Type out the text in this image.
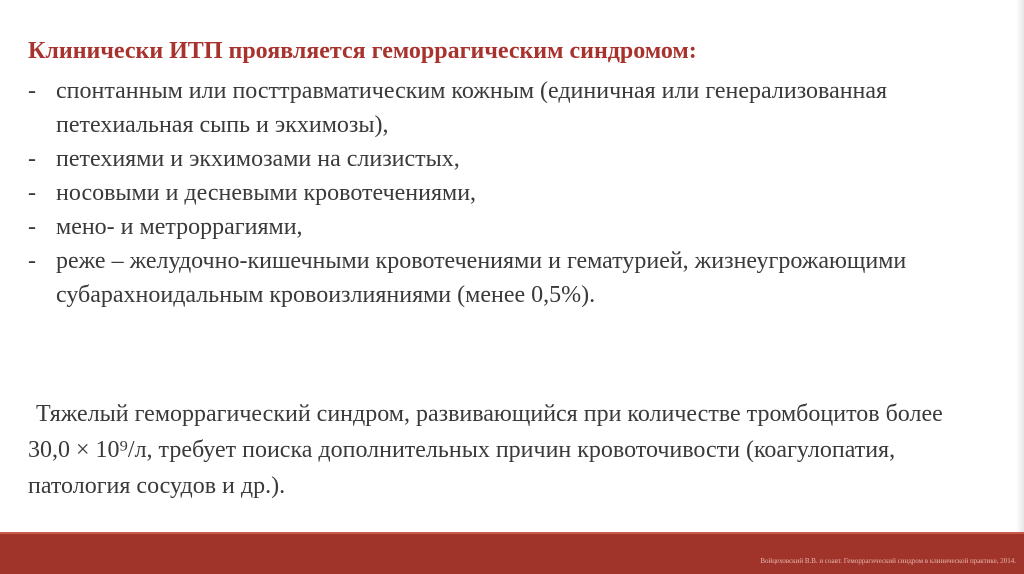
Клинически ИТП проявляется геморрагическим синдромом:
- спонтанным или посттравматическим кожным (единичная или генерализованная петехиальная сыпь и экхимозы),
- петехиями и экхимозами на слизистых,
- носовыми и десневыми кровотечениями,
- мено- и метроррагиями,
- реже – желудочно-кишечными кровотечениями и гематурией, жизнеугрожающими субарахноидальным кровоизлияниями (менее 0,5%).
Тяжелый геморрагический синдром, развивающийся при количестве тромбоцитов более 30,0 × 10⁹/л, требует поиска дополнительных причин кровоточивости (коагулопатия, патология сосудов и др.).
Войцеховский В.В. и соавт. Геморрагический синдром в клинической практике, 2014.
